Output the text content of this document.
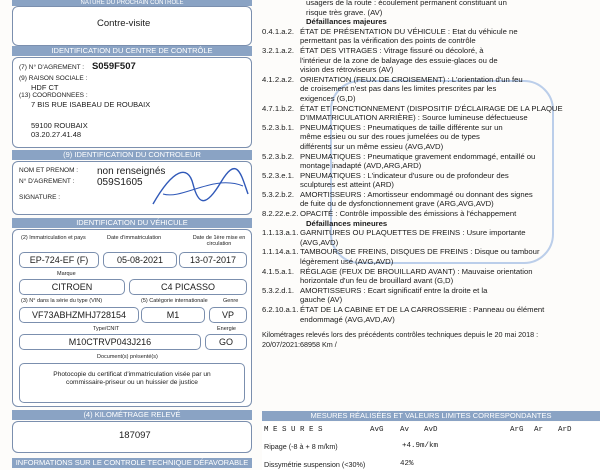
NATURE DU PROCHAIN CONTROLE
Contre-visite
IDENTIFICATION DU CENTRE DE CONTRÔLE
(7) N° D'AGREMENT : S059F507
(9) RAISON SOCIALE :
HDF CT
(13) COORDONNEES :
7 BIS RUE ISABEAU DE ROUBAIX
59100 ROUBAIX
03.20.27.41.48
(9) IDENTIFICATION DU CONTROLEUR
NOM ET PRENOM : non renseignés
N° D'AGREMENT : 059S1605
SIGNATURE :
IDENTIFICATION DU VÉHICULE
(2) Immatriculation et pays	Date d'immatriculation	Date de 1ère mise en circulation
EP-724-EF (F)	05-08-2021	13-07-2017
Marque
CITROEN	C4 PICASSO
(3) N° dans la série du type (VIN)	(5) Catégorie internationale	Genre
VF73ABHZMHJ728154	M1	VP
Type/CNIT	Energie
M10CTRVP043J216	GO
Document(s) présenté(s)
Photocopie du certificat d'immatriculation visée par un commissaire-priseur ou un huissier de justice
(4) KILOMÉTRAGE RELEVÉ
187097
INFORMATIONS SUR LE CONTROLE TECHNIQUE DÉFAVORABLE
usagers de la route : écoulement permanent constituant un
risque très grave. (AV)
Défaillances majeures
0.4.1.a.2. ÉTAT DE PRÉSENTATION DU VÉHICULE : Etat du véhicule ne
permettant pas la vérification des points de contrôle
3.2.1.a.2. ÉTAT DES VITRAGES : Vitrage fissuré ou décoloré, à
l'intérieur de la zone de balayage des essuie-glaces ou de
vision des rétroviseurs (AV)
4.1.2.a.2. ORIENTATION (FEUX DE CROISEMENT) : L'orientation d'un feu
de croisement n'est pas dans les limites prescrites par les
exigences (G,D)
4.7.1.b.2. ÉTAT ET FONCTIONNEMENT (DISPOSITIF D'ÉCLAIRAGE DE LA PLAQUE
D'IMMATRICULATION ARRIÈRE) : Source lumineuse défectueuse
5.2.3.b.1. PNEUMATIQUES : Pneumatiques de taille différente sur un
même essieu ou sur des roues jumelées ou de types
différents sur un même essieu (AVG,AVD)
5.2.3.b.2. PNEUMATIQUES : Pneumatique gravement endommagé, entaillé ou
montage inadapté (AVD,ARG,ARD)
5.2.3.e.1. PNEUMATIQUES : L'indicateur d'usure ou de profondeur des
sculptures est atteint (ARD)
5.3.2.b.2. AMORTISSEURS : Amortisseur endommagé ou donnant des signes
de fuite ou de dysfonctionnement grave (ARG,AVG,AVD)
8.2.22.e.2. OPACITÉ : Contrôle impossible des émissions à l'échappement
Défaillances mineures
1.1.13.a.1. GARNITURES OU PLAQUETTES DE FREINS : Usure importante
(AVG,AVD)
1.1.14.a.1. TAMBOURS DE FREINS, DISQUES DE FREINS : Disque ou tambour
légèrement usé (AVG,AVD)
4.1.5.a.1. RÉGLAGE (FEUX DE BROUILLARD AVANT) : Mauvaise orientation
horizontale d'un feu de brouillard avant (G,D)
5.3.2.d.1. AMORTISSEURS : Ecart significatif entre la droite et la
gauche (AV)
6.2.10.a.1. ÉTAT DE LA CABINE ET DE LA CARROSSERIE : Panneau ou élément
endommagé (AVG,AVD,AV)
Kilométrages relevés lors des précédents contrôles techniques depuis le 20 mai 2018 :
20/07/2021:68958 Km /
MESURES RÉALISÉES ET VALEURS LIMITES CORRESPONDANTES
M E S U R E S	AvG Av AvD	ArG Ar ArD
Ripage (-8 à + 8 m/km)	+4.9m/km
Dissymétrie suspension (<30%)	42%
